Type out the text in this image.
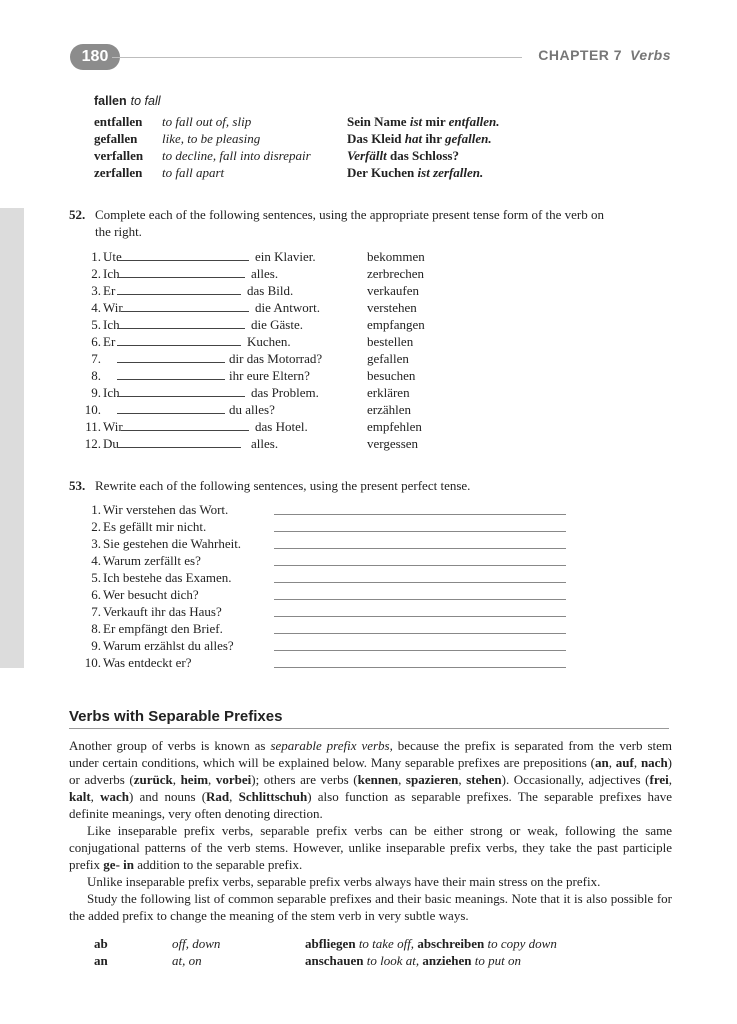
180	CHAPTER 7 Verbs
fallen to fall
entfallen to fall out of, slip	Sein Name ist mir entfallen.
gefallen like, to be pleasing	Das Kleid hat ihr gefallen.
verfallen to decline, fall into disrepair	Verfällt das Schloss?
zerfallen to fall apart	Der Kuchen ist zerfallen.
52. Complete each of the following sentences, using the appropriate present tense form of the verb on
the right.
1. Ute	ein Klavier.	bekommen
2. Ich	alles.	zerbrechen
3. Er	das Bild.	verkaufen
4. Wir	die Antwort.	verstehen
5. Ich	die Gäste.	empfangen
6. Er	Kuchen.	bestellen
7.	dir das Motorrad?	gefallen
8.	ihr eure Eltern?	besuchen
9. Ich	das Problem.	erklären
10.	du alles?	erzählen
11. Wir	das Hotel.	empfehlen
12. Du	alles.	vergessen
53. Rewrite each of the following sentences, using the present perfect tense.
1. Wir verstehen das Wort.
2. Es gefällt mir nicht.
3. Sie gestehen die Wahrheit.
4. Warum zerfällt es?
5. Ich bestehe das Examen.
6. Wer besucht dich?
7. Verkauft ihr das Haus?
8. Er empfängt den Brief.
9. Warum erzählst du alles?
10. Was entdeckt er?
Verbs with Separable Prefixes

Another group of verbs is known as separable prefix verbs, because the prefix is separated from the verb stem under certain conditions, which will be explained below. Many separable prefixes are prepositions (an, auf, nach) or adverbs (zurück, heim, vorbei); others are verbs (kennen, spazieren, stehen). Occasionally, adjectives (frei, kalt, wach) and nouns (Rad, Schlittschuh) also function as separable prefixes. The separable prefixes have definite meanings, very often denoting direction.

Like inseparable prefix verbs, separable prefix verbs can be either strong or weak, following the same conjugational patterns of the verb stems. However, unlike inseparable prefix verbs, they take the past participle prefix ge- in addition to the separable prefix.

Unlike inseparable prefix verbs, separable prefix verbs always have their main stress on the prefix.

Study the following list of common separable prefixes and their basic meanings. Note that it is also possible for the added prefix to change the meaning of the stem verb in very subtle ways.

ab	off, down	abfliegen to take off, abschreiben to copy down
an	at, on	anschauen to look at, anziehen to put on
